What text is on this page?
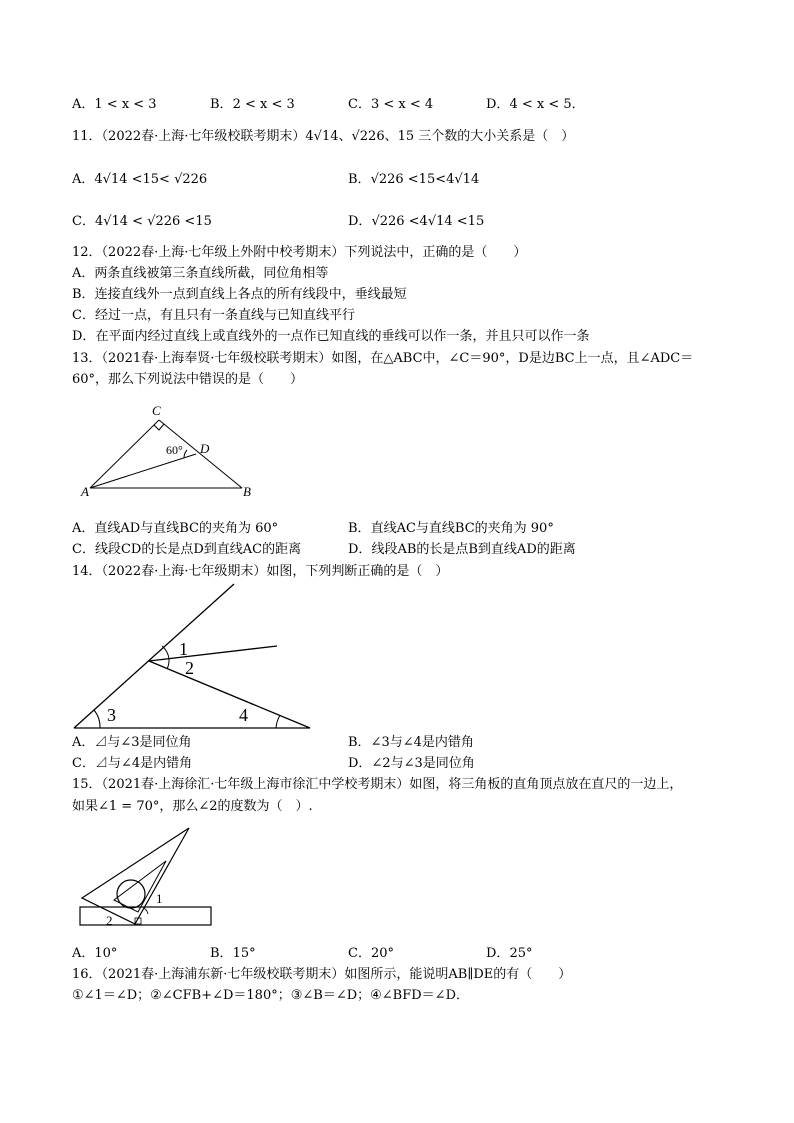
A．1 < x < 3	B．2 < x < 3	C．3 < x < 4	D．4 < x < 5．
11．（2022春·上海·七年级校联考期末）4√14、√226、15 三个数的大小关系是（　）
A．4√14 <15< √226	B．√226 <15<4√14
C．4√14 < √226 <15	D．√226 <4√14 <15
12．（2022春·上海·七年级上外附中校考期末）下列说法中，正确的是（　　）
A．两条直线被第三条直线所截，同位角相等
B．连接直线外一点到直线上各点的所有线段中，垂线最短
C．经过一点，有且只有一条直线与已知直线平行
D．在平面内经过直线上或直线外的一点作已知直线的垂线可以作一条，并且只可以作一条
13．（2021春·上海奉贤·七年级校联考期末）如图，在△ABC中，∠C＝90°，D是边BC上一点，且∠ADC＝
60°，那么下列说法中错误的是（　　）
C
D
A	B
60°
A．直线AD与直线BC的夹角为 60°	B．直线AC与直线BC的夹角为 90°
C．线段CD的长是点D到直线AC的距离	D．线段AB的长是点B到直线AD的距离
14．（2022春·上海·七年级期末）如图，下列判断正确的是（　）
1
2
3	4
A．⊿与∠3是同位角	B．∠3与∠4是内错角
C．⊿与∠4是内错角	D．∠2与∠3是同位角
15．（2021春·上海徐汇·七年级上海市徐汇中学校考期末）如图，将三角板的直角顶点放在直尺的一边上，
如果∠1 = 70°，那么∠2的度数为（　）.
1
2
A．10°	B．15°	C．20°	D．25°
16．（2021春·上海浦东新·七年级校联考期末）如图所示，能说明AB∥DE的有（　　）
①∠1＝∠D；②∠CFB+∠D＝180°；③∠B＝∠D；④∠BFD＝∠D．
